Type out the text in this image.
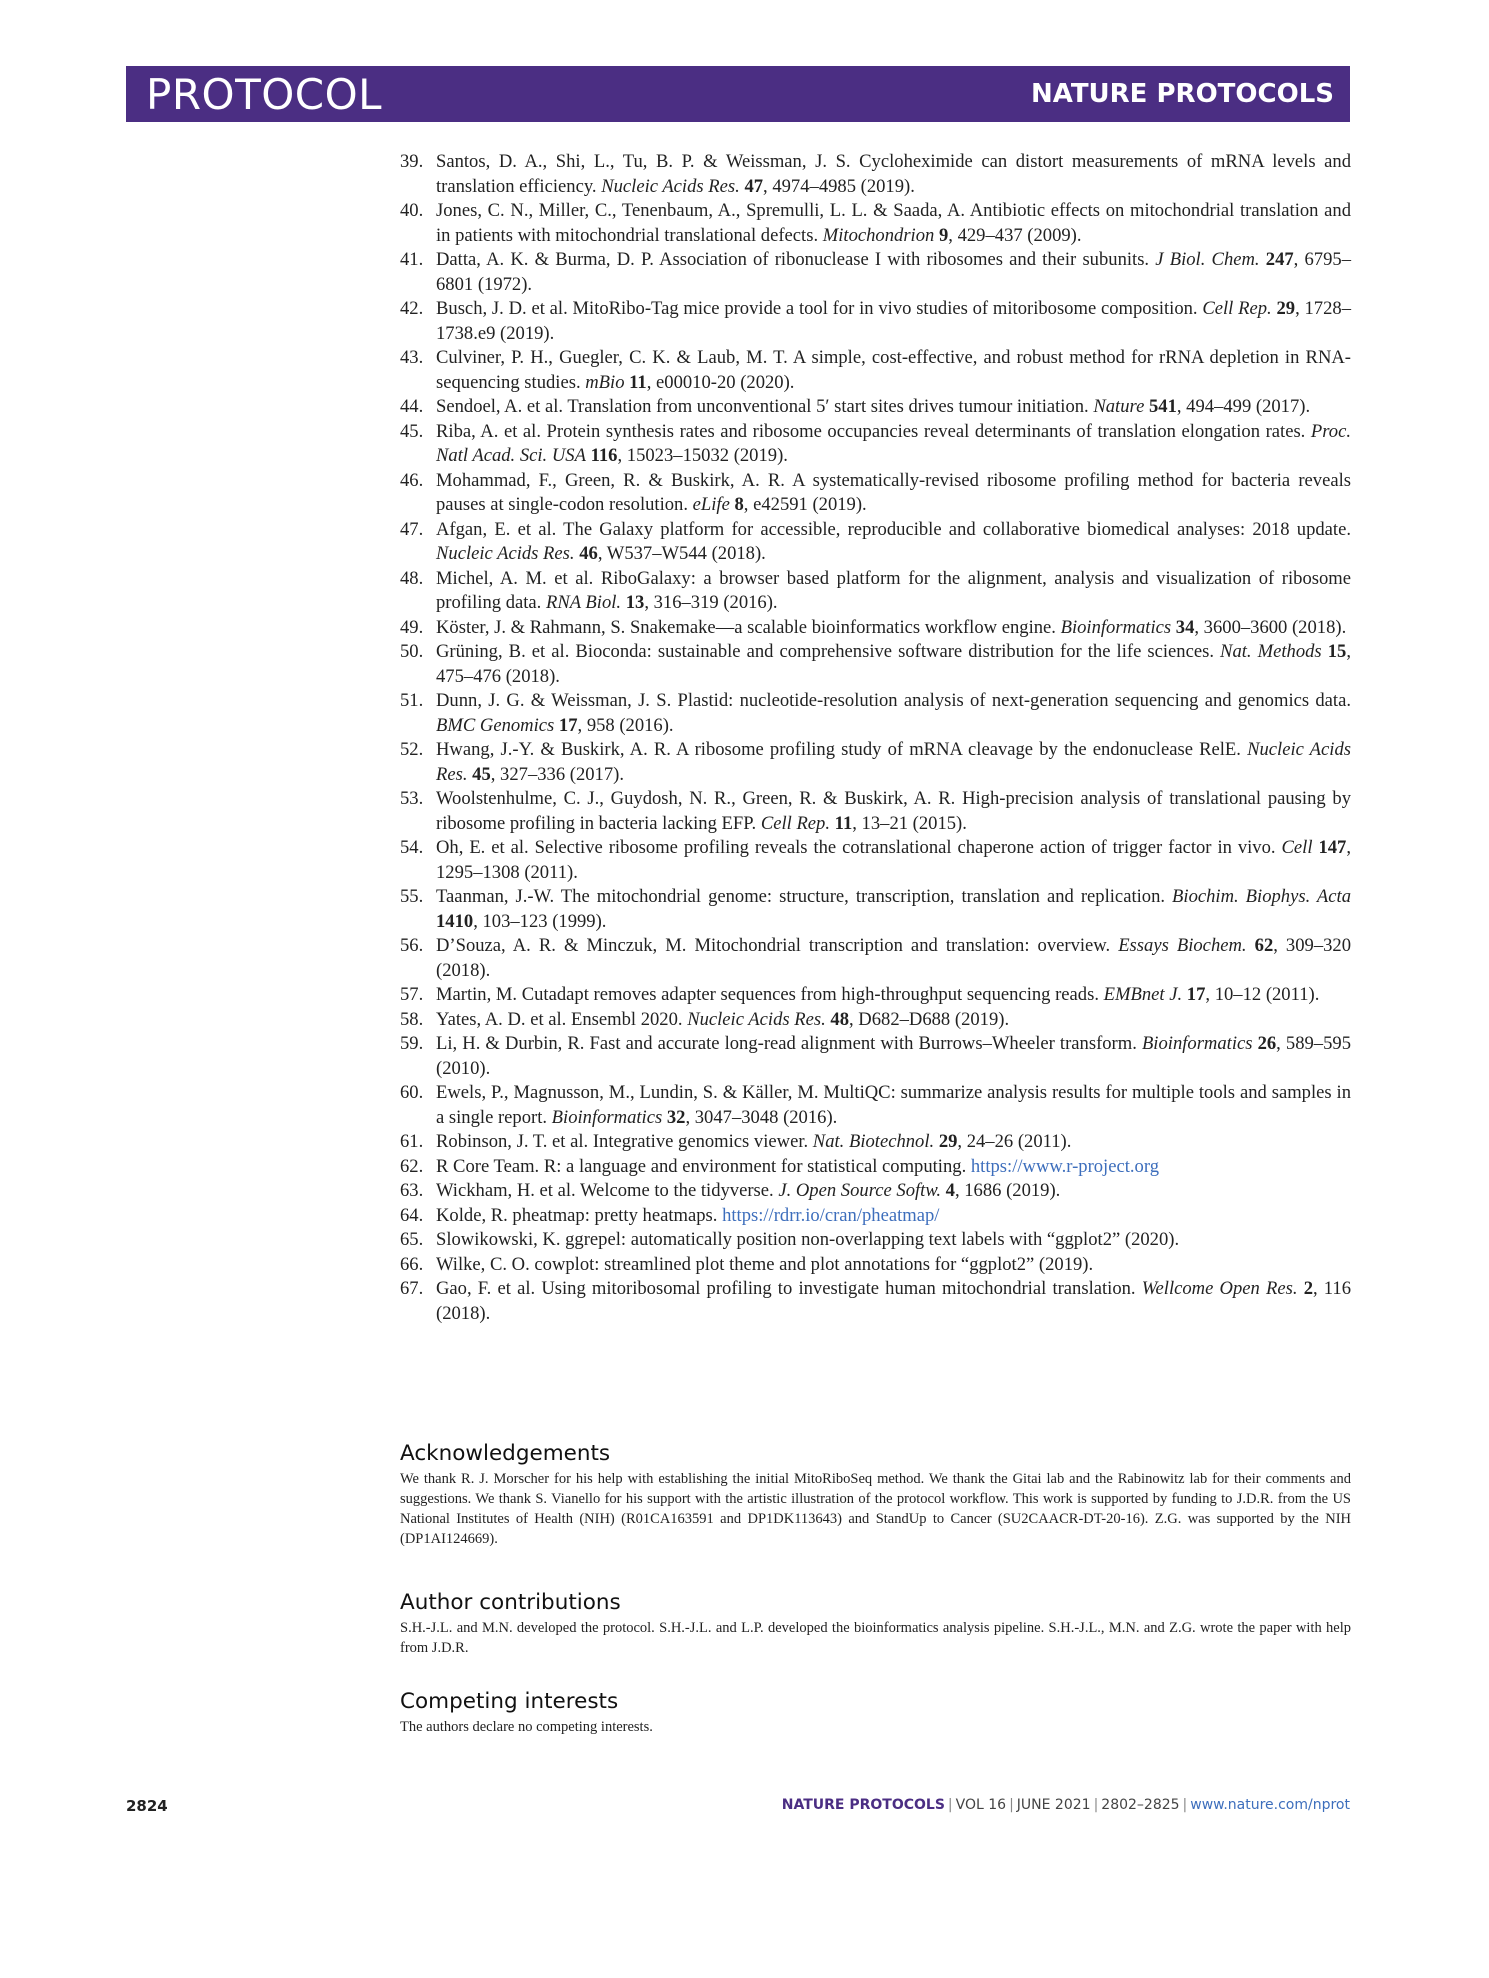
PROTOCOL	NATURE PROTOCOLS
39. Santos, D. A., Shi, L., Tu, B. P. & Weissman, J. S. Cycloheximide can distort measurements of mRNA levels and translation efficiency. Nucleic Acids Res. 47, 4974–4985 (2019).
40. Jones, C. N., Miller, C., Tenenbaum, A., Spremulli, L. L. & Saada, A. Antibiotic effects on mitochondrial translation and in patients with mitochondrial translational defects. Mitochondrion 9, 429–437 (2009).
41. Datta, A. K. & Burma, D. P. Association of ribonuclease I with ribosomes and their subunits. J Biol. Chem. 247, 6795–6801 (1972).
42. Busch, J. D. et al. MitoRibo-Tag mice provide a tool for in vivo studies of mitoribosome composition. Cell Rep. 29, 1728–1738.e9 (2019).
43. Culviner, P. H., Guegler, C. K. & Laub, M. T. A simple, cost-effective, and robust method for rRNA depletion in RNA-sequencing studies. mBio 11, e00010-20 (2020).
44. Sendoel, A. et al. Translation from unconventional 5′ start sites drives tumour initiation. Nature 541, 494–499 (2017).
45. Riba, A. et al. Protein synthesis rates and ribosome occupancies reveal determinants of translation elongation rates. Proc. Natl Acad. Sci. USA 116, 15023–15032 (2019).
46. Mohammad, F., Green, R. & Buskirk, A. R. A systematically-revised ribosome profiling method for bacteria reveals pauses at single-codon resolution. eLife 8, e42591 (2019).
47. Afgan, E. et al. The Galaxy platform for accessible, reproducible and collaborative biomedical analyses: 2018 update. Nucleic Acids Res. 46, W537–W544 (2018).
48. Michel, A. M. et al. RiboGalaxy: a browser based platform for the alignment, analysis and visualization of ribosome profiling data. RNA Biol. 13, 316–319 (2016).
49. Köster, J. & Rahmann, S. Snakemake—a scalable bioinformatics workflow engine. Bioinformatics 34, 3600–3600 (2018).
50. Grüning, B. et al. Bioconda: sustainable and comprehensive software distribution for the life sciences. Nat. Methods 15, 475–476 (2018).
51. Dunn, J. G. & Weissman, J. S. Plastid: nucleotide-resolution analysis of next-generation sequencing and genomics data. BMC Genomics 17, 958 (2016).
52. Hwang, J.-Y. & Buskirk, A. R. A ribosome profiling study of mRNA cleavage by the endonuclease RelE. Nucleic Acids Res. 45, 327–336 (2017).
53. Woolstenhulme, C. J., Guydosh, N. R., Green, R. & Buskirk, A. R. High-precision analysis of translational pausing by ribosome profiling in bacteria lacking EFP. Cell Rep. 11, 13–21 (2015).
54. Oh, E. et al. Selective ribosome profiling reveals the cotranslational chaperone action of trigger factor in vivo. Cell 147, 1295–1308 (2011).
55. Taanman, J.-W. The mitochondrial genome: structure, transcription, translation and replication. Biochim. Biophys. Acta 1410, 103–123 (1999).
56. D’Souza, A. R. & Minczuk, M. Mitochondrial transcription and translation: overview. Essays Biochem. 62, 309–320 (2018).
57. Martin, M. Cutadapt removes adapter sequences from high-throughput sequencing reads. EMBnet J. 17, 10–12 (2011).
58. Yates, A. D. et al. Ensembl 2020. Nucleic Acids Res. 48, D682–D688 (2019).
59. Li, H. & Durbin, R. Fast and accurate long-read alignment with Burrows–Wheeler transform. Bioinformatics 26, 589–595 (2010).
60. Ewels, P., Magnusson, M., Lundin, S. & Käller, M. MultiQC: summarize analysis results for multiple tools and samples in a single report. Bioinformatics 32, 3047–3048 (2016).
61. Robinson, J. T. et al. Integrative genomics viewer. Nat. Biotechnol. 29, 24–26 (2011).
62. R Core Team. R: a language and environment for statistical computing. https://www.r-project.org
63. Wickham, H. et al. Welcome to the tidyverse. J. Open Source Softw. 4, 1686 (2019).
64. Kolde, R. pheatmap: pretty heatmaps. https://rdrr.io/cran/pheatmap/
65. Slowikowski, K. ggrepel: automatically position non-overlapping text labels with “ggplot2” (2020).
66. Wilke, C. O. cowplot: streamlined plot theme and plot annotations for “ggplot2” (2019).
67. Gao, F. et al. Using mitoribosomal profiling to investigate human mitochondrial translation. Wellcome Open Res. 2, 116 (2018).
Acknowledgements

We thank R. J. Morscher for his help with establishing the initial MitoRiboSeq method. We thank the Gitai lab and the Rabinowitz lab for their comments and suggestions. We thank S. Vianello for his support with the artistic illustration of the protocol workflow. This work is supported by funding to J.D.R. from the US National Institutes of Health (NIH) (R01CA163591 and DP1DK113643) and StandUp to Cancer (SU2CAACR-DT-20-16). Z.G. was supported by the NIH (DP1AI124669).

Author contributions

S.H.-J.L. and M.N. developed the protocol. S.H.-J.L. and L.P. developed the bioinformatics analysis pipeline. S.H.-J.L., M.N. and Z.G. wrote the paper with help from J.D.R.

Competing interests

The authors declare no competing interests.

2824	NATURE PROTOCOLS | VOL 16 | JUNE 2021 | 2802–2825 | www.nature.com/nprot
